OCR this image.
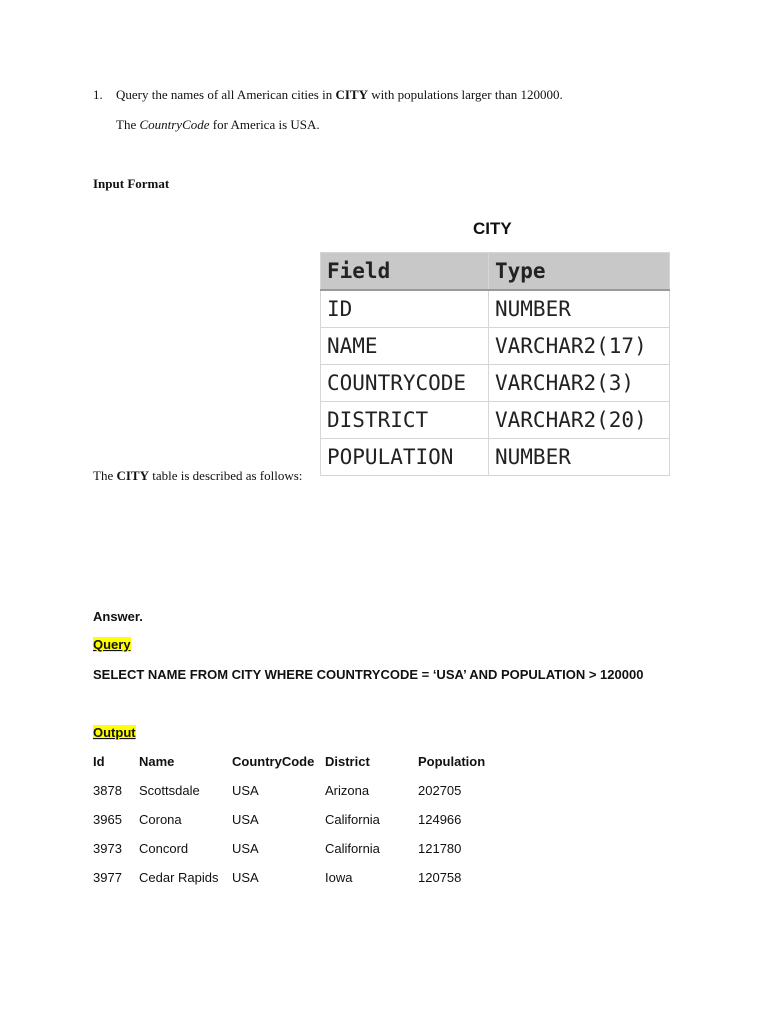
1. Query the names of all American cities in CITY with populations larger than 120000.
The CountryCode for America is USA.
Input Format
CITY
Field	Type
ID	NUMBER
NAME	VARCHAR2(17)
COUNTRYCODE	VARCHAR2(3)
DISTRICT	VARCHAR2(20)
POPULATION	NUMBER
The CITY table is described as follows:
Answer.
Query
SELECT NAME FROM CITY WHERE COUNTRYCODE = ‘USA’ AND POPULATION > 120000
Output
Id	Name	CountryCode	District	Population
3878	Scottsdale	USA	Arizona	202705
3965	Corona	USA	California	124966
3973	Concord	USA	California	121780
3977	Cedar Rapids	USA	Iowa	120758
